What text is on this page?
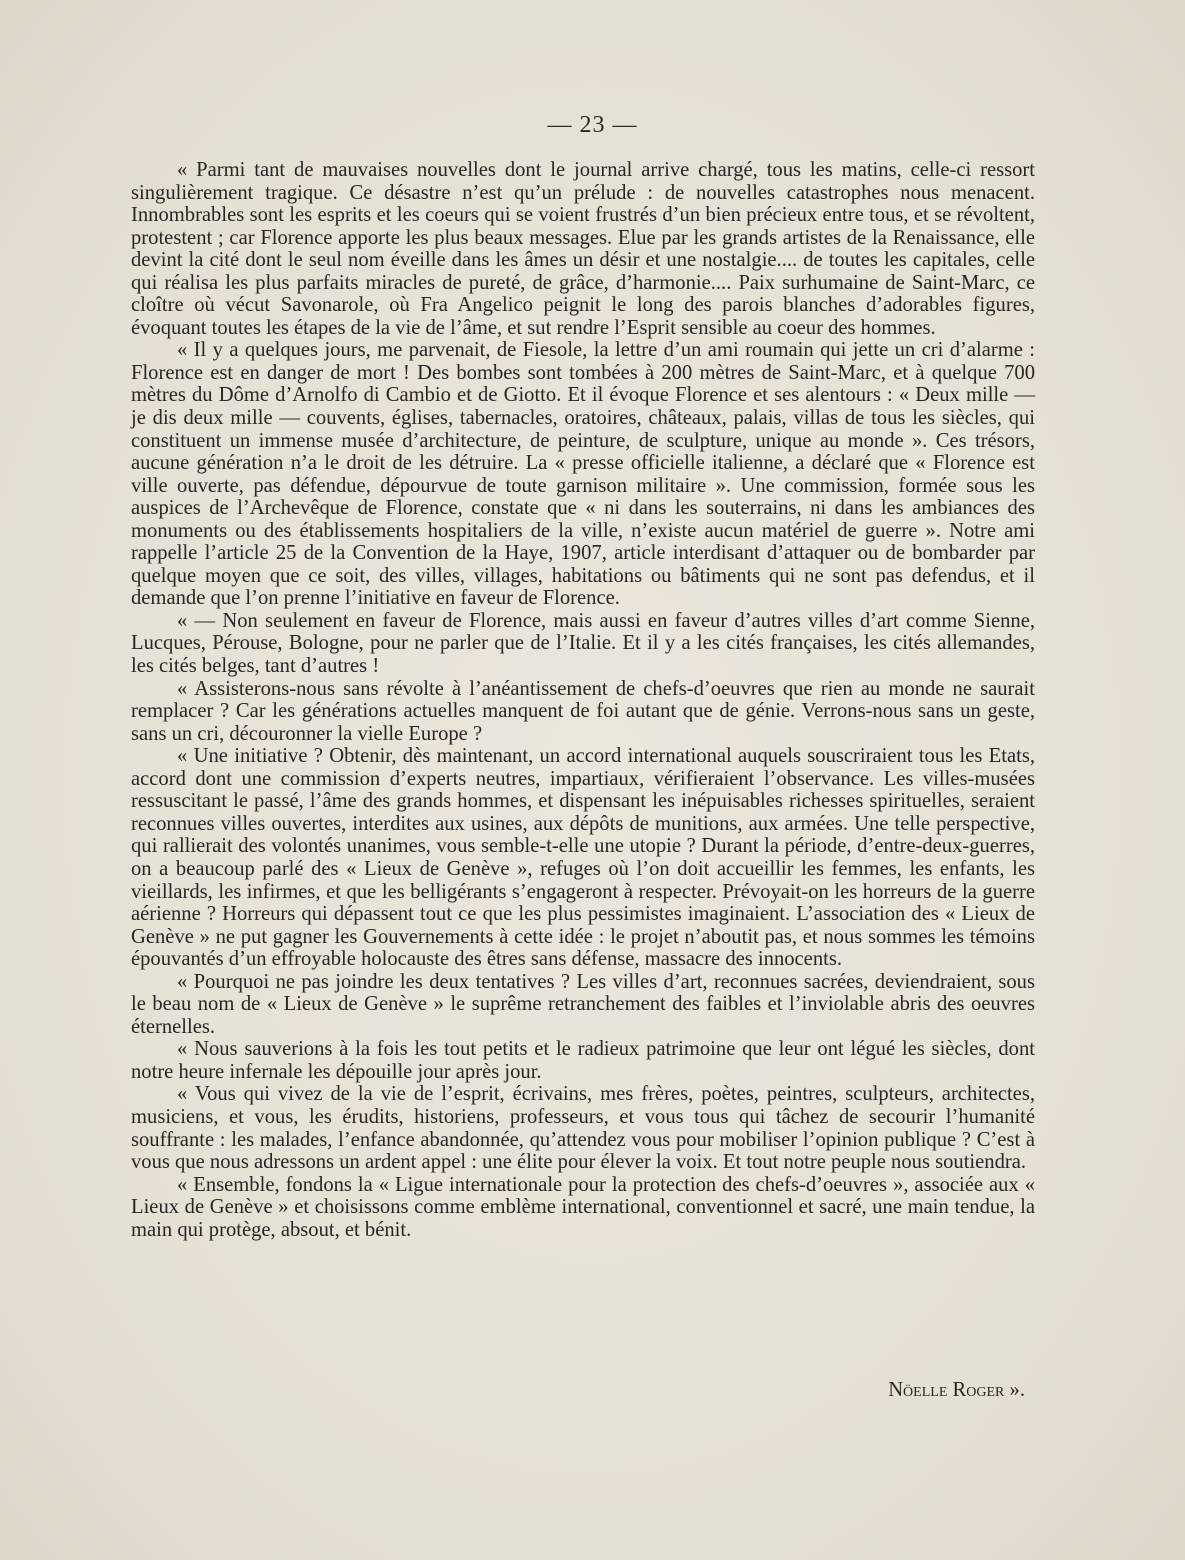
— 23 —

« Parmi tant de mauvaises nouvelles dont le journal arrive chargé, tous les matins, celle-ci ressort singulièrement tragique. Ce désastre n’est qu’un prélude : de nouvelles catastrophes nous menacent. Innombrables sont les esprits et les coeurs qui se voient frustrés d’un bien précieux entre tous, et se révoltent, protestent ; car Florence apporte les plus beaux messages. Elue par les grands artistes de la Renaissance, elle devint la cité dont le seul nom éveille dans les âmes un désir et une nostalgie.... de toutes les capitales, celle qui réalisa les plus parfaits miracles de pureté, de grâce, d’harmonie.... Paix surhumaine de Saint-Marc, ce cloître où vécut Savonarole, où Fra Angelico peignit le long des parois blanches d’adorables figures, évoquant toutes les étapes de la vie de l’âme, et sut rendre l’Esprit sensible au coeur des hommes.

« Il y a quelques jours, me parvenait, de Fiesole, la lettre d’un ami roumain qui jette un cri d’alarme : Florence est en danger de mort ! Des bombes sont tombées à 200 mètres de Saint-Marc, et à quelque 700 mètres du Dôme d’Arnolfo di Cambio et de Giotto. Et il évoque Florence et ses alentours : « Deux mille — je dis deux mille — couvents, églises, tabernacles, oratoires, châteaux, palais, villas de tous les siècles, qui constituent un immense musée d’architecture, de peinture, de sculpture, unique au monde ». Ces trésors, aucune génération n’a le droit de les détruire. La « presse officielle italienne, a déclaré que « Florence est ville ouverte, pas défendue, dépourvue de toute garnison militaire ». Une commission, formée sous les auspices de l’Archevêque de Florence, constate que « ni dans les souterrains, ni dans les ambiances des monuments ou des établissements hospitaliers de la ville, n’existe aucun matériel de guerre ». Notre ami rappelle l’article 25 de la Convention de la Haye, 1907, article interdisant d’attaquer ou de bombarder par quelque moyen que ce soit, des villes, villages, habitations ou bâtiments qui ne sont pas defendus, et il demande que l’on prenne l’initiative en faveur de Florence.

« — Non seulement en faveur de Florence, mais aussi en faveur d’autres villes d’art comme Sienne, Lucques, Pérouse, Bologne, pour ne parler que de l’Italie. Et il y a les cités françaises, les cités allemandes, les cités belges, tant d’autres !

« Assisterons-nous sans révolte à l’anéantissement de chefs-d’oeuvres que rien au monde ne saurait remplacer ? Car les générations actuelles manquent de foi autant que de génie. Verrons-nous sans un geste, sans un cri, découronner la vielle Europe ?

« Une initiative ? Obtenir, dès maintenant, un accord international auquels souscriraient tous les Etats, accord dont une commission d’experts neutres, impartiaux, vérifieraient l’observance. Les villes-musées ressuscitant le passé, l’âme des grands hommes, et dispensant les inépuisables richesses spirituelles, seraient reconnues villes ouvertes, interdites aux usines, aux dépôts de munitions, aux armées. Une telle perspective, qui rallierait des volontés unanimes, vous semble-t-elle une utopie ? Durant la période, d’entre-deux-guerres, on a beaucoup parlé des « Lieux de Genève », refuges où l’on doit accueillir les femmes, les enfants, les vieillards, les infirmes, et que les belligérants s’engageront à respecter. Prévoyait-on les horreurs de la guerre aérienne ? Horreurs qui dépassent tout ce que les plus pessimistes imaginaient. L’association des « Lieux de Genève » ne put gagner les Gouvernements à cette idée : le projet n’aboutit pas, et nous sommes les témoins épouvantés d’un effroyable holocauste des êtres sans défense, massacre des innocents.

« Pourquoi ne pas joindre les deux tentatives ? Les villes d’art, reconnues sacrées, deviendraient, sous le beau nom de « Lieux de Genève » le suprême retranchement des faibles et l’inviolable abris des oeuvres éternelles.

« Nous sauverions à la fois les tout petits et le radieux patrimoine que leur ont légué les siècles, dont notre heure infernale les dépouille jour après jour.

« Vous qui vivez de la vie de l’esprit, écrivains, mes frères, poètes, peintres, sculpteurs, architectes, musiciens, et vous, les érudits, historiens, professeurs, et vous tous qui tâchez de secourir l’humanité souffrante : les malades, l’enfance abandonnée, qu’attendez vous pour mobiliser l’opinion publique ? C’est à vous que nous adressons un ardent appel : une élite pour élever la voix. Et tout notre peuple nous soutiendra.

« Ensemble, fondons la « Ligue internationale pour la protection des chefs-d’oeuvres », associée aux « Lieux de Genève » et choisissons comme emblème international, conventionnel et sacré, une main tendue, la main qui protège, absout, et bénit.

Nöelle Roger ».
